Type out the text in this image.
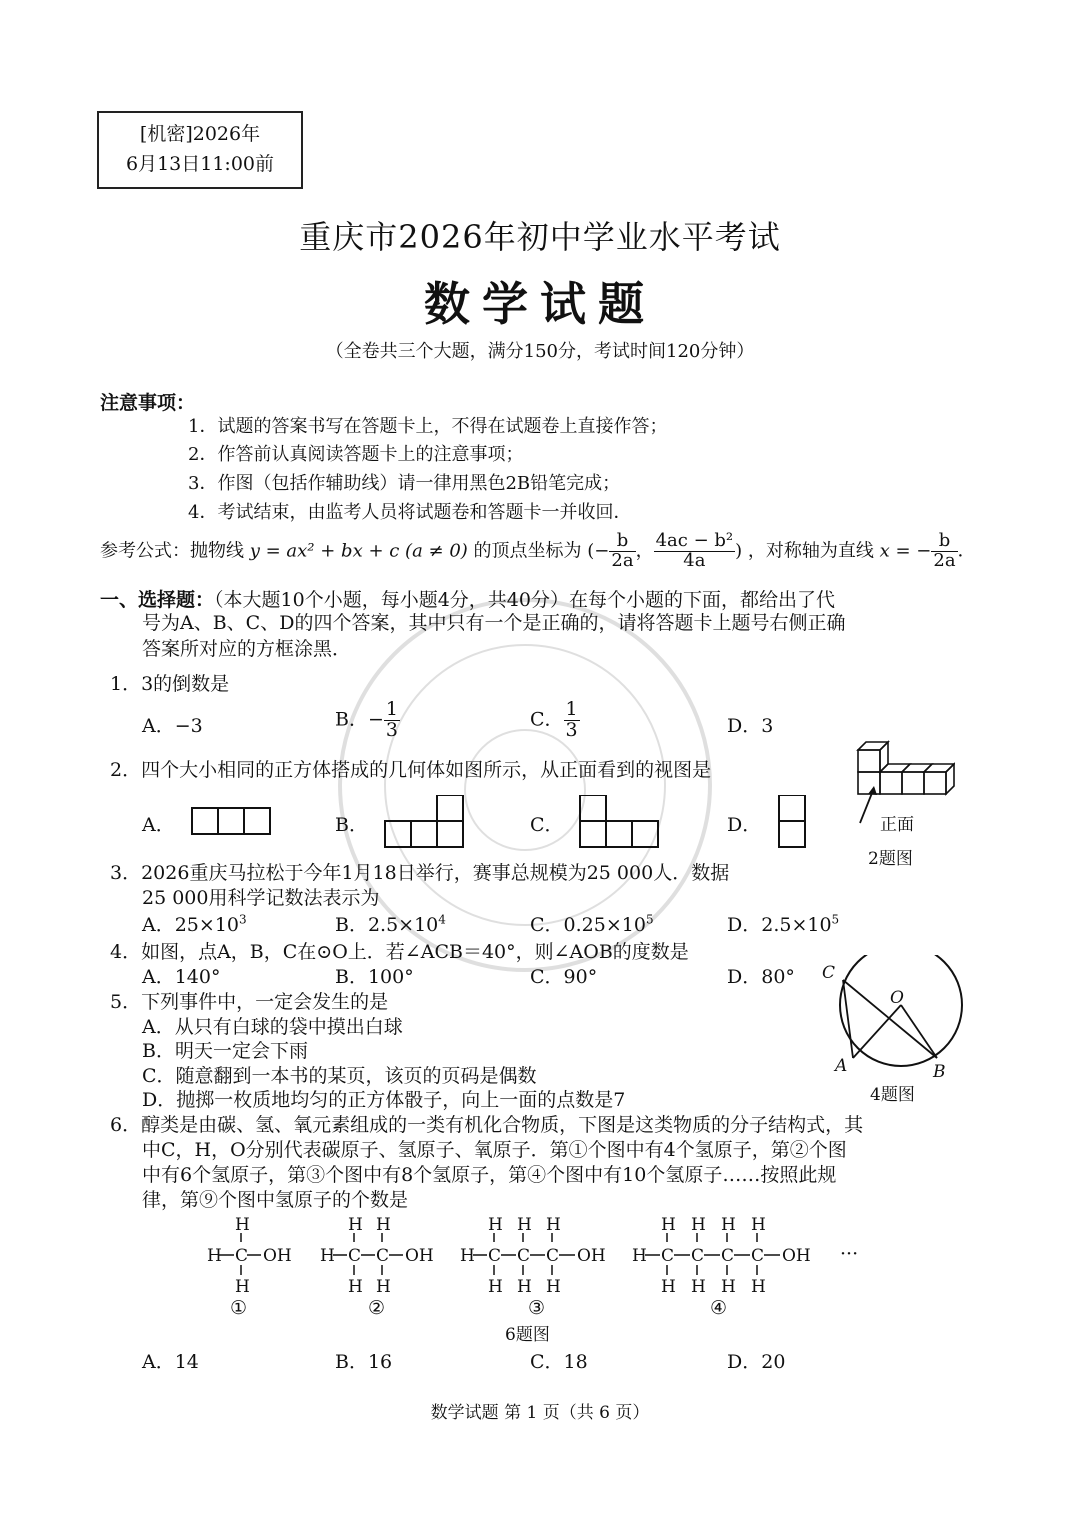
[机密]2026年
6月13日11:00前
重庆市2026年初中学业水平考试
数学试题
（全卷共三个大题，满分150分，考试时间120分钟）
注意事项：
1．试题的答案书写在答题卡上，不得在试题卷上直接作答；
2．作答前认真阅读答题卡上的注意事项；
3．作图（包括作辅助线）请一律用黑色2B铅笔完成；
4．考试结束，由监考人员将试题卷和答题卡一并收回．
参考公式：抛物线 y = ax² + bx + c (a ≠ 0) 的顶点坐标为 (− $\frac{b}{2a}$ ， $\frac{\text{4ac − b²}}{4a}$ ) ，对称轴为直线 x = − $\frac{b}{2a}$ ．
一、选择题：（本大题10个小题，每小题4分，共40分）在每个小题的下面，都给出了代
号为A、B、C、D的四个答案，其中只有一个是正确的，请将答题卡上题号右侧正确
答案所对应的方框涂黑．
1．3的倒数是
A．−3	B．− $\frac{1}{3}$	C． $\frac{1}{3}$	D．3
2．四个大小相同的正方体搭成的几何体如图所示，从正面看到的视图是
A．	B．	C．	D．	正面
2题图
3．2026重庆马拉松于今年1月18日举行，赛事总规模为25 000人．数据
25 000用科学记数法表示为
A．$25\times 10^3$	B．$2.5\times 10^4$	C．$0.25\times 10^5$	D．$2.5\times 10^5$
4．如图，点A，B，C在⊙O上．若∠ACB＝40°，则∠AOB的度数是
A．140°	B．100°	C．90°	D．80° C
O
A	B
4题图
5．下列事件中，一定会发生的是
A．从只有白球的袋中摸出白球
B．明天一定会下雨
C．随意翻到一本书的某页，该页的页码是偶数
D．抛掷一枚质地均匀的正方体骰子，向上一面的点数是7
6．醇类是由碳、氢、氧元素组成的一类有机化合物质，下图是这类物质的分子结构式，其
中C，H，O分别代表碳原子、氢原子、氧原子．第①个图中有4个氢原子，第②个图
中有6个氢原子，第③个图中有8个氢原子，第④个图中有10个氢原子……按照此规
律，第⑨个图中氢原子的个数是
H
H
H C OH H
H
C
H
H
C
H
OH H
H
C
H
H
C
H
H
C
H
OH H
H
C
H
H
C
H
H
C
H
H
C
H
OH ···
①	②	③	④
6题图
A．14	B．16	C．18	D．20
数学试题 第 1 页（共 6 页）
